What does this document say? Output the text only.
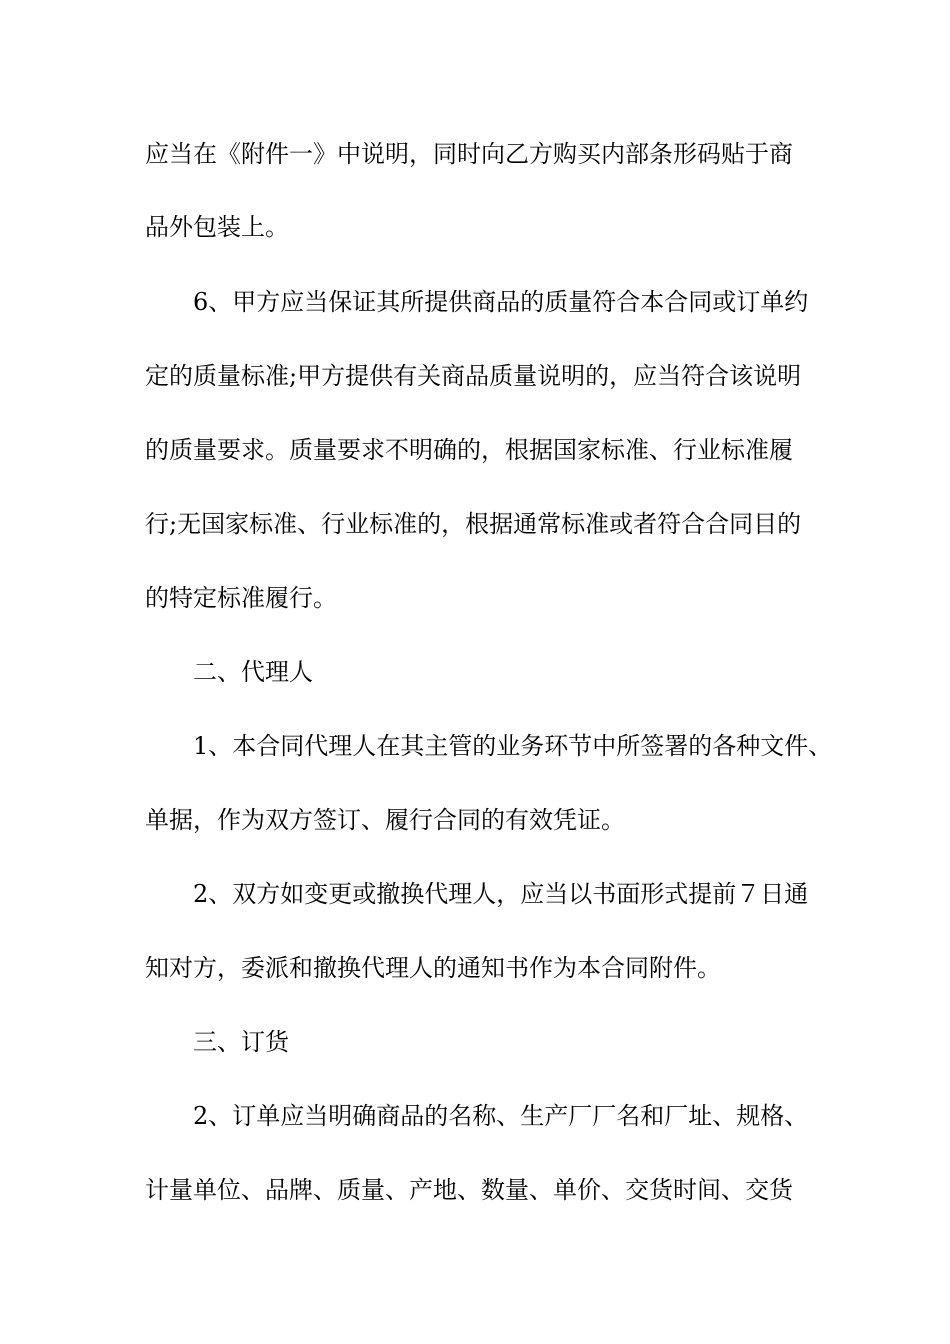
应当在《附件一》中说明，同时向乙方购买内部条形码贴于商
品外包装上。
6、甲方应当保证其所提供商品的质量符合本合同或订单约
定的质量标准;甲方提供有关商品质量说明的，应当符合该说明
的质量要求。质量要求不明确的，根据国家标准、行业标准履
行;无国家标准、行业标准的，根据通常标准或者符合合同目的
的特定标准履行。
二、代理人
1、本合同代理人在其主管的业务环节中所签署的各种文件、
单据，作为双方签订、履行合同的有效凭证。
2、双方如变更或撤换代理人，应当以书面形式提前７日通
知对方，委派和撤换代理人的通知书作为本合同附件。
三、订货
2、订单应当明确商品的名称、生产厂厂名和厂址、规格、
计量单位、品牌、质量、产地、数量、单价、交货时间、交货
